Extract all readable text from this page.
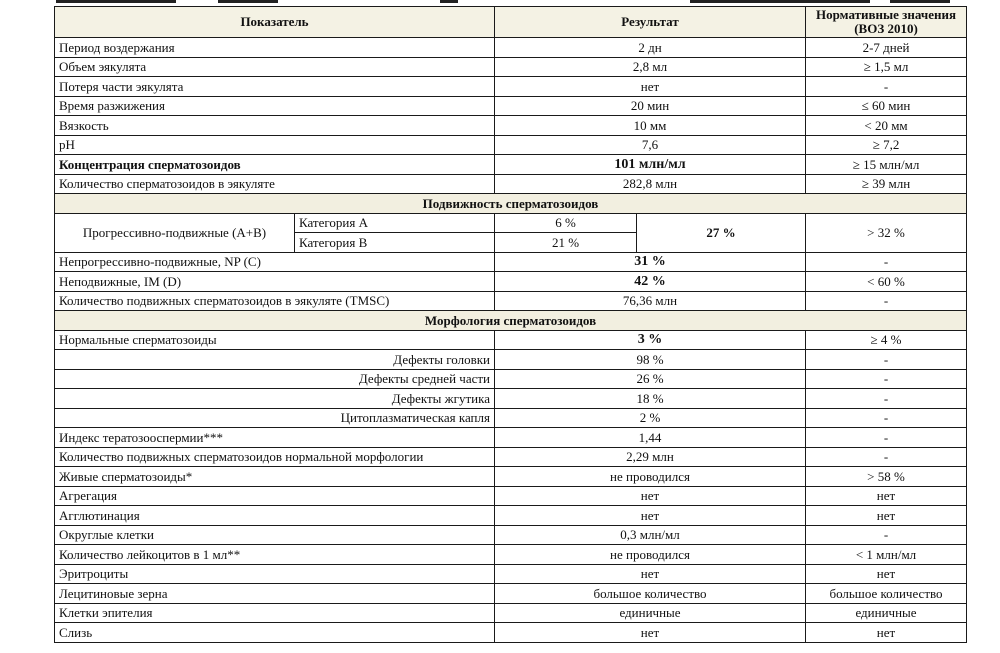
Показатель		Результат		Нормативные значения
(ВОЗ 2010)

Период воздержания		2 дн		2-7 дней
Объем эякулята		2,8 мл		≥ 1,5 мл
Потеря части эякулята		нет		-
Время разжижения		20 мин		≤ 60 мин
Вязкость		10 мм		< 20 мм
pH		7,6		≥ 7,2
Концентрация сперматозоидов		101 млн/мл		≥ 15 млн/мл
Количество сперматозоидов в эякуляте		282,8 млн		≥ 39 млн
Подвижность сперматозоидов				
Прогрессивно-подвижные (A+B)	Категория А	6 %	27 %	> 32 %
	Категория В	21 %		
Непрогрессивно-подвижные, NP (C)		31 %		-
Неподвижные, IM (D)		42 %		< 60 %
Количество подвижных сперматозоидов в эякуляте (TMSC)		76,36 млн		-
Морфология сперматозоидов				
Нормальные сперматозоиды		3 %		≥ 4 %
Дефекты головки		98 %		-
Дефекты средней части		26 %		-
Дефекты жгутика		18 %		-
Цитоплазматическая капля		2 %		-
Индекс тератозооспермии***		1,44		-
Количество подвижных сперматозоидов нормальной морфологии		2,29 млн		-
Живые сперматозоиды*		не проводился		> 58 %
Агрегация		нет		нет
Агглютинация		нет		нет
Округлые клетки		0,3 млн/мл		-
Количество лейкоцитов в 1 мл**		не проводился		< 1 млн/мл
Эритроциты		нет		нет
Лецитиновые зерна		большое количество		большое количество
Клетки эпителия		единичные		единичные
Слизь		нет		нет
